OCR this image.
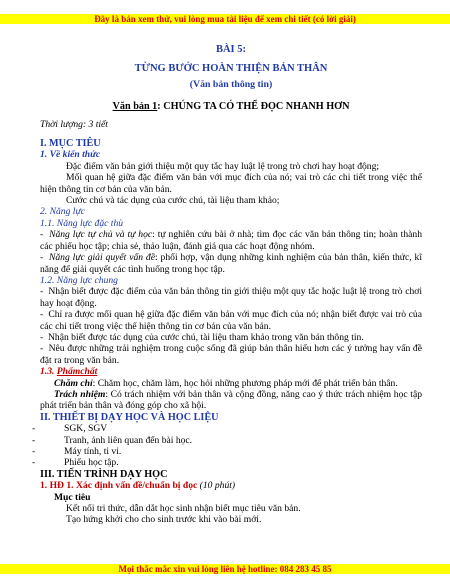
Đây là bản xem thử, vui lòng mua tài liệu để xem chi tiết (có lời giải)
BÀI 5:
TỪNG BƯỚC HOÀN THIỆN BẢN THÂN
(Văn bản thông tin)
Văn bản 1: CHÚNG TA CÓ THỂ ĐỌC NHANH HƠN
Thời lượng: 3 tiết
I. MỤC TIÊU
1. Về kiến thức
Đặc điểm văn bản giới thiệu một quy tắc hay luật lệ trong trò chơi hay hoạt động;
Mối quan hệ giữa đặc điểm văn bản với mục đích của nó; vai trò các chi tiết trong việc thể hiện thông tin cơ bản của văn bản.
Cước chú và tác dụng của cước chú, tài liệu tham khảo;
2. Năng lực
1.1. Năng lực đặc thù
-  Năng lực tự chủ và tự học: tự nghiên cứu bài ở nhà; tìm đọc các văn bản thông tin; hoàn thành các phiếu học tập; chia sẻ, thảo luận, đánh giá qua các hoạt động nhóm.
-  Năng lực giải quyết vấn đề: phối hợp, vận dụng những kinh nghiệm của bản thân, kiến thức, kĩ năng để giải quyết các tình huống trong học tập.
1.2. Năng lực chung
-  Nhận biết được đặc điểm của văn bản thông tin giới thiệu một quy tắc hoặc luật lệ trong trò chơi hay hoạt động.
-  Chỉ ra được mối quan hệ giữa đặc điểm văn bản với mục đích của nó; nhận biết được vai trò của các chi tiết trong việc thể hiện thông tin cơ bản của văn bản.
-  Nhận biết được tác dụng của cước chú, tài liệu tham khảo trong văn bản thông tin.
-  Nêu được những trải nghiệm trong cuộc sống đã giúp bản thân hiểu hơn các ý tưởng hay vấn đề đặt ra trong văn bản.
1.3. Phẩmchất
Chăm chỉ: Chăm học, chăm làm, học hỏi những phương pháp mới để phát triển bản thân.
Trách nhiệm: Có trách nhiệm với bản thân và cộng đồng, năng cao ý thức trách nhiệm học tập phát triển bản thân và đóng góp cho xã hội.
II. THIẾT BỊ DẠY HỌC VÀ HỌC LIỆU
- SGK, SGV
- Tranh, ảnh liên quan đến bài học.
- Máy tính, ti vi.
- Phiếu học tập.
III. TIẾN TRÌNH DẠY HỌC
1. HĐ 1. Xác định vấn đề/chuẩn bị đọc (10 phút)
Mục tiêu
Kết nối tri thức, dẫn dắt học sinh nhận biết mục tiêu văn bản.
Tạo hứng khởi cho cho sinh trước khi vào bài mới.
Mọi thắc mắc xin vui lòng liên hệ hotline: 084 283 45 85
